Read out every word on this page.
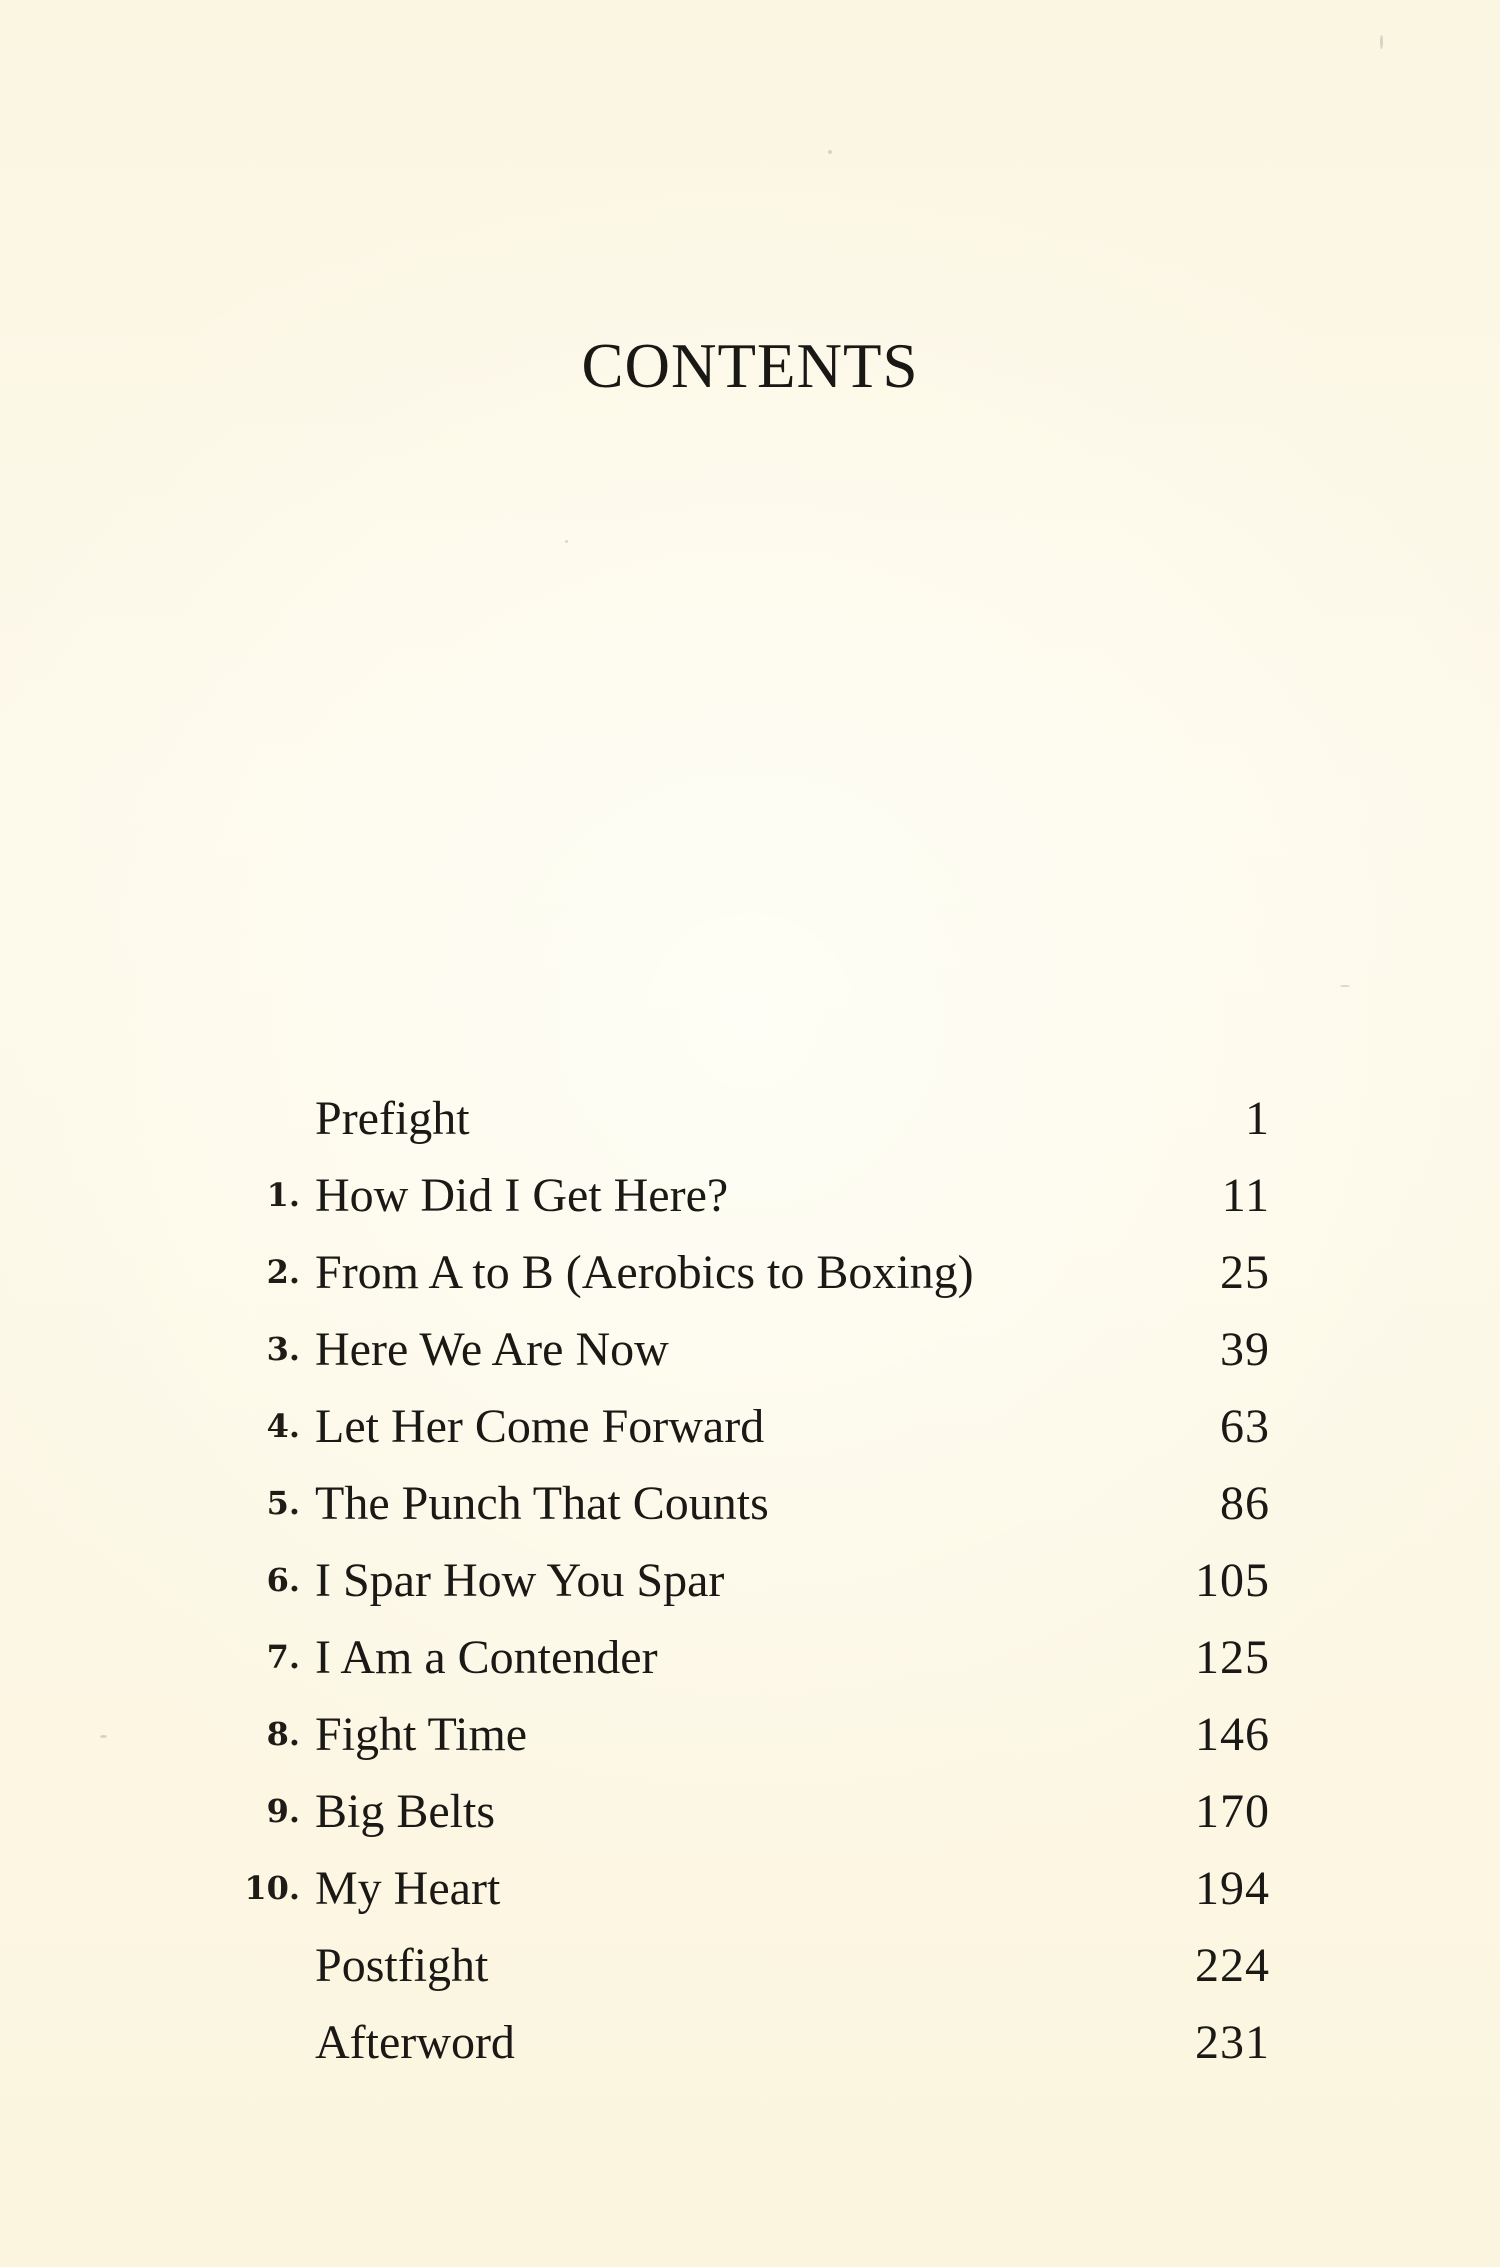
CONTENTS
Prefight	1
1. How Did I Get Here?	11
2. From A to B (Aerobics to Boxing)	25
3. Here We Are Now	39
4. Let Her Come Forward	63
5. The Punch That Counts	86
6. I Spar How You Spar	105
7. I Am a Contender	125
8. Fight Time	146
9. Big Belts	170
10. My Heart	194
Postfight	224
Afterword	231
